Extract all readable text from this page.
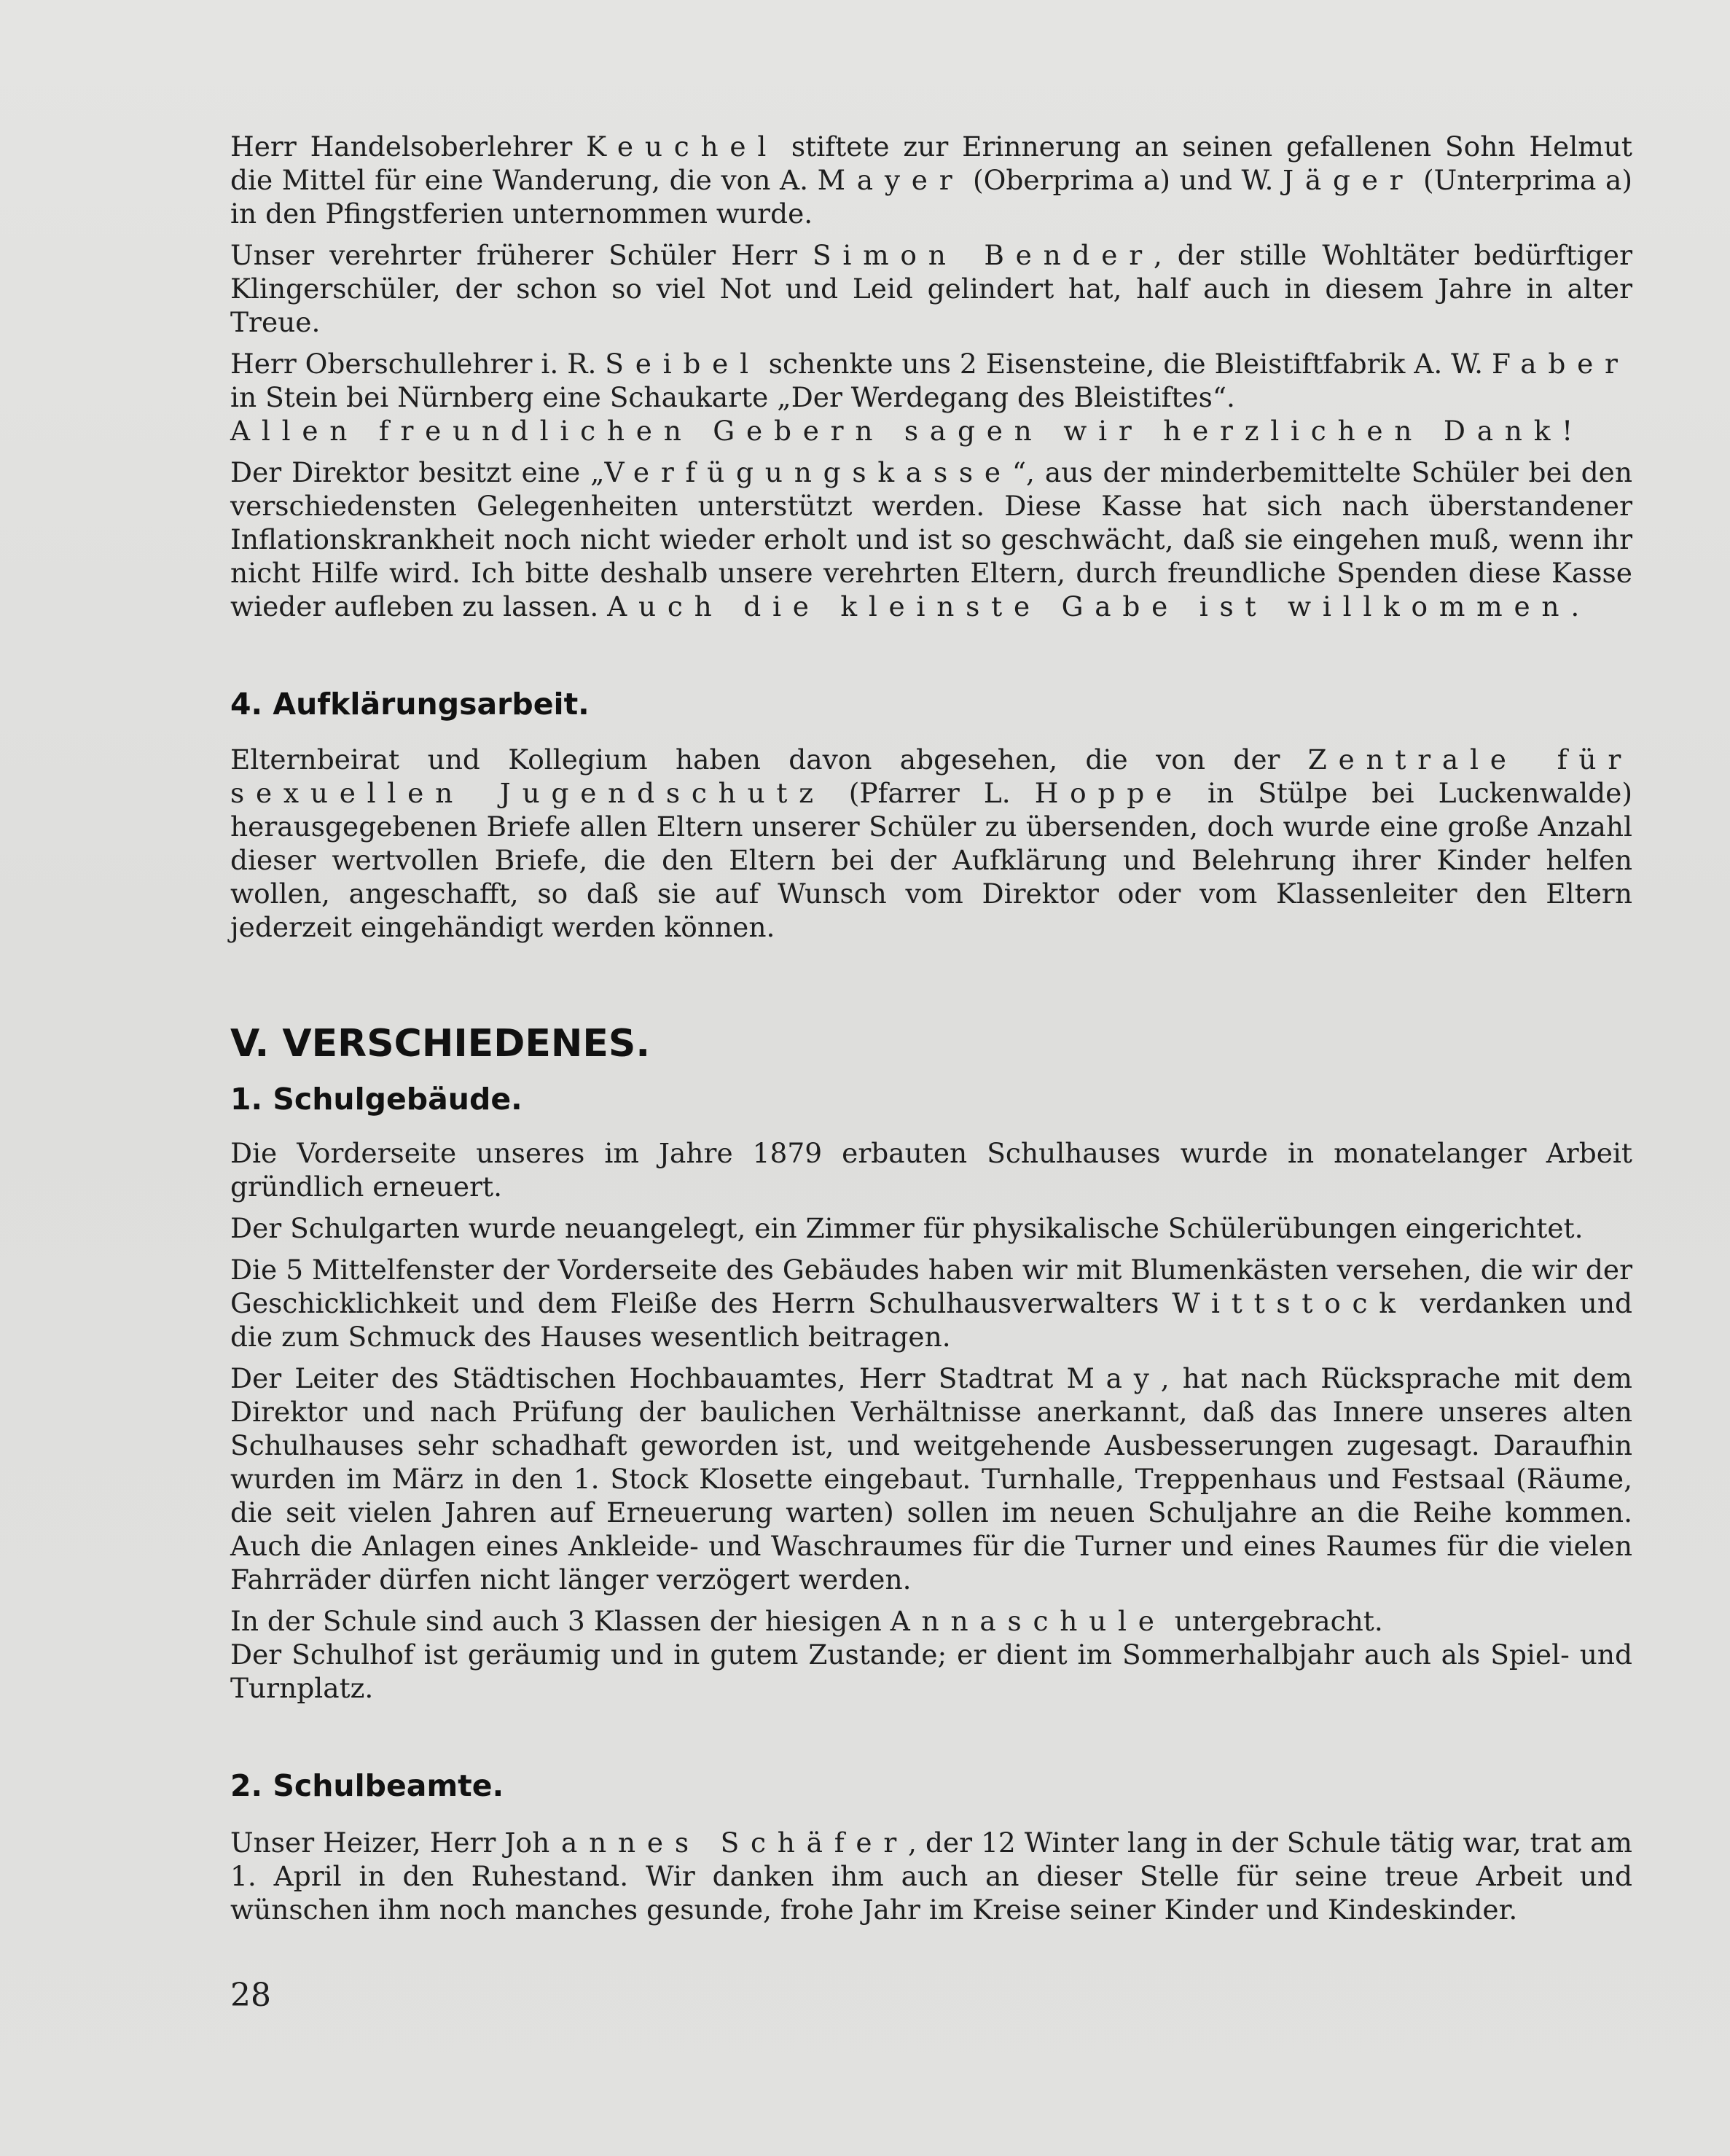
Herr Handelsoberlehrer Keuchel stiftete zur Erinnerung an seinen gefallenen Sohn Helmut die Mittel für eine Wanderung, die von A. Mayer (Oberprima a) und W. Jäger (Unterprima a) in den Pfingstferien unternommen wurde.

Unser verehrter früherer Schüler Herr Simon Bender, der stille Wohltäter bedürftiger Klingerschüler, der schon so viel Not und Leid gelindert hat, half auch in diesem Jahre in alter Treue.

Herr Oberschullehrer i. R. Seibel schenkte uns 2 Eisensteine, die Bleistiftfabrik A. W. Faber in Stein bei Nürnberg eine Schaukarte „Der Werdegang des Bleistiftes“.
Allen freundlichen Gebern sagen wir herzlichen Dank!

Der Direktor besitzt eine „Verfügungskasse“, aus der minderbemittelte Schüler bei den verschiedensten Gelegenheiten unterstützt werden. Diese Kasse hat sich nach überstandener Inflationskrankheit noch nicht wieder erholt und ist so geschwächt, daß sie eingehen muß, wenn ihr nicht Hilfe wird. Ich bitte deshalb unsere verehrten Eltern, durch freundliche Spenden diese Kasse wieder aufleben zu lassen. Auch die kleinste Gabe ist willkommen.

4. Aufklärungsarbeit.

Elternbeirat und Kollegium haben davon abgesehen, die von der Zentrale für sexuellen Jugendschutz (Pfarrer L. Hoppe in Stülpe bei Luckenwalde) herausgegebenen Briefe allen Eltern unserer Schüler zu übersenden, doch wurde eine große Anzahl dieser wertvollen Briefe, die den Eltern bei der Aufklärung und Belehrung ihrer Kinder helfen wollen, angeschafft, so daß sie auf Wunsch vom Direktor oder vom Klassenleiter den Eltern jederzeit eingehändigt werden können.

V. VERSCHIEDENES.
1. Schulgebäude.

Die Vorderseite unseres im Jahre 1879 erbauten Schulhauses wurde in monatelanger Arbeit gründlich erneuert.

Der Schulgarten wurde neuangelegt, ein Zimmer für physikalische Schülerübungen eingerichtet.

Die 5 Mittelfenster der Vorderseite des Gebäudes haben wir mit Blumenkästen versehen, die wir der Geschicklichkeit und dem Fleiße des Herrn Schulhausverwalters Wittstock verdanken und die zum Schmuck des Hauses wesentlich beitragen.

Der Leiter des Städtischen Hochbauamtes, Herr Stadtrat May, hat nach Rücksprache mit dem Direktor und nach Prüfung der baulichen Verhältnisse anerkannt, daß das Innere unseres alten Schulhauses sehr schadhaft geworden ist, und weitgehende Ausbesserungen zugesagt. Daraufhin wurden im März in den 1. Stock Klosette eingebaut. Turnhalle, Treppenhaus und Festsaal (Räume, die seit vielen Jahren auf Erneuerung warten) sollen im neuen Schuljahre an die Reihe kommen. Auch die Anlagen eines Ankleide- und Waschraumes für die Turner und eines Raumes für die vielen Fahrräder dürfen nicht länger verzögert werden.

In der Schule sind auch 3 Klassen der hiesigen Annaschule untergebracht.
Der Schulhof ist geräumig und in gutem Zustande; er dient im Sommerhalbjahr auch als Spiel- und Turnplatz.

2. Schulbeamte.

Unser Heizer, Herr Johannes Schäfer, der 12 Winter lang in der Schule tätig war, trat am 1. April in den Ruhestand. Wir danken ihm auch an dieser Stelle für seine treue Arbeit und wünschen ihm noch manches gesunde, frohe Jahr im Kreise seiner Kinder und Kindeskinder.

28
